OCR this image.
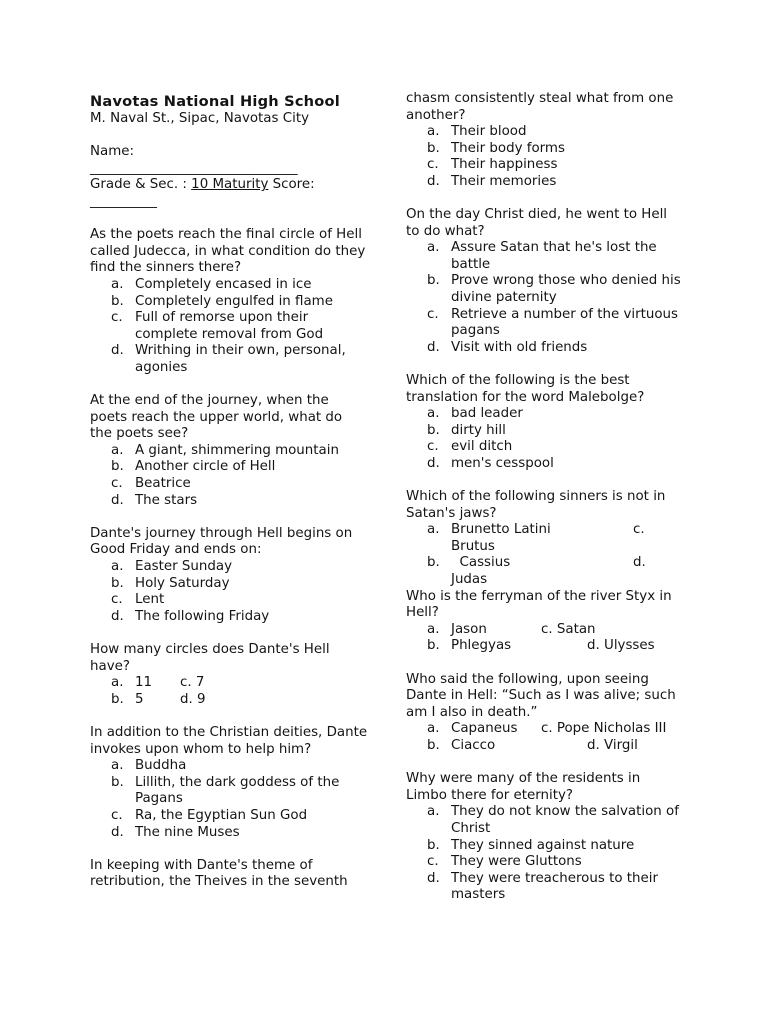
Navotas National High School
M. Naval St., Sipac, Navotas City
Name:
_______________________________
Grade & Sec. : 10 Maturity Score:
__________
As the poets reach the final circle of Hell called Judecca, in what condition do they find the sinners there?
a. Completely encased in ice
b. Completely engulfed in flame
c. Full of remorse upon their complete removal from God
d. Writhing in their own, personal, agonies
At the end of the journey, when the poets reach the upper world, what do the poets see?
a. A giant, shimmering mountain
b. Another circle of Hell
c. Beatrice
d. The stars
Dante's journey through Hell begins on Good Friday and ends on:
a. Easter Sunday
b. Holy Saturday
c. Lent
d. The following Friday
How many circles does Dante's Hell have?
a. 11 c. 7
b. 5	d. 9
In addition to the Christian deities, Dante invokes upon whom to help him?
a. Buddha
b. Lillith, the dark goddess of the Pagans
c. Ra, the Egyptian Sun God
d. The nine Muses
In keeping with Dante's theme of retribution, the Theives in the seventh
chasm consistently steal what from one another?
a. Their blood
b. Their body forms
c. Their happiness
d. Their memories
On the day Christ died, he went to Hell to do what?
a. Assure Satan that he's lost the battle
b. Prove wrong those who denied his divine paternity
c. Retrieve a number of the virtuous pagans
d. Visit with old friends
Which of the following is the best translation for the word Malebolge?
a. bad leader
b. dirty hill
c. evil ditch
d. men's cesspool
Which of the following sinners is not in Satan's jaws?
a. Brunetto Latini	c.
Brutus
b. Cassius	d.
Judas
Who is the ferryman of the river Styx in Hell?
a. Jason	c. Satan
b. Phlegyas	d. Ulysses
Who said the following, upon seeing Dante in Hell: “Such as I was alive; such am I also in death.”
a. Capaneus c. Pope Nicholas III
b. Ciacco	d. Virgil
Why were many of the residents in Limbo there for eternity?
a. They do not know the salvation of Christ
b. They sinned against nature
c. They were Gluttons
d. They were treacherous to their masters
